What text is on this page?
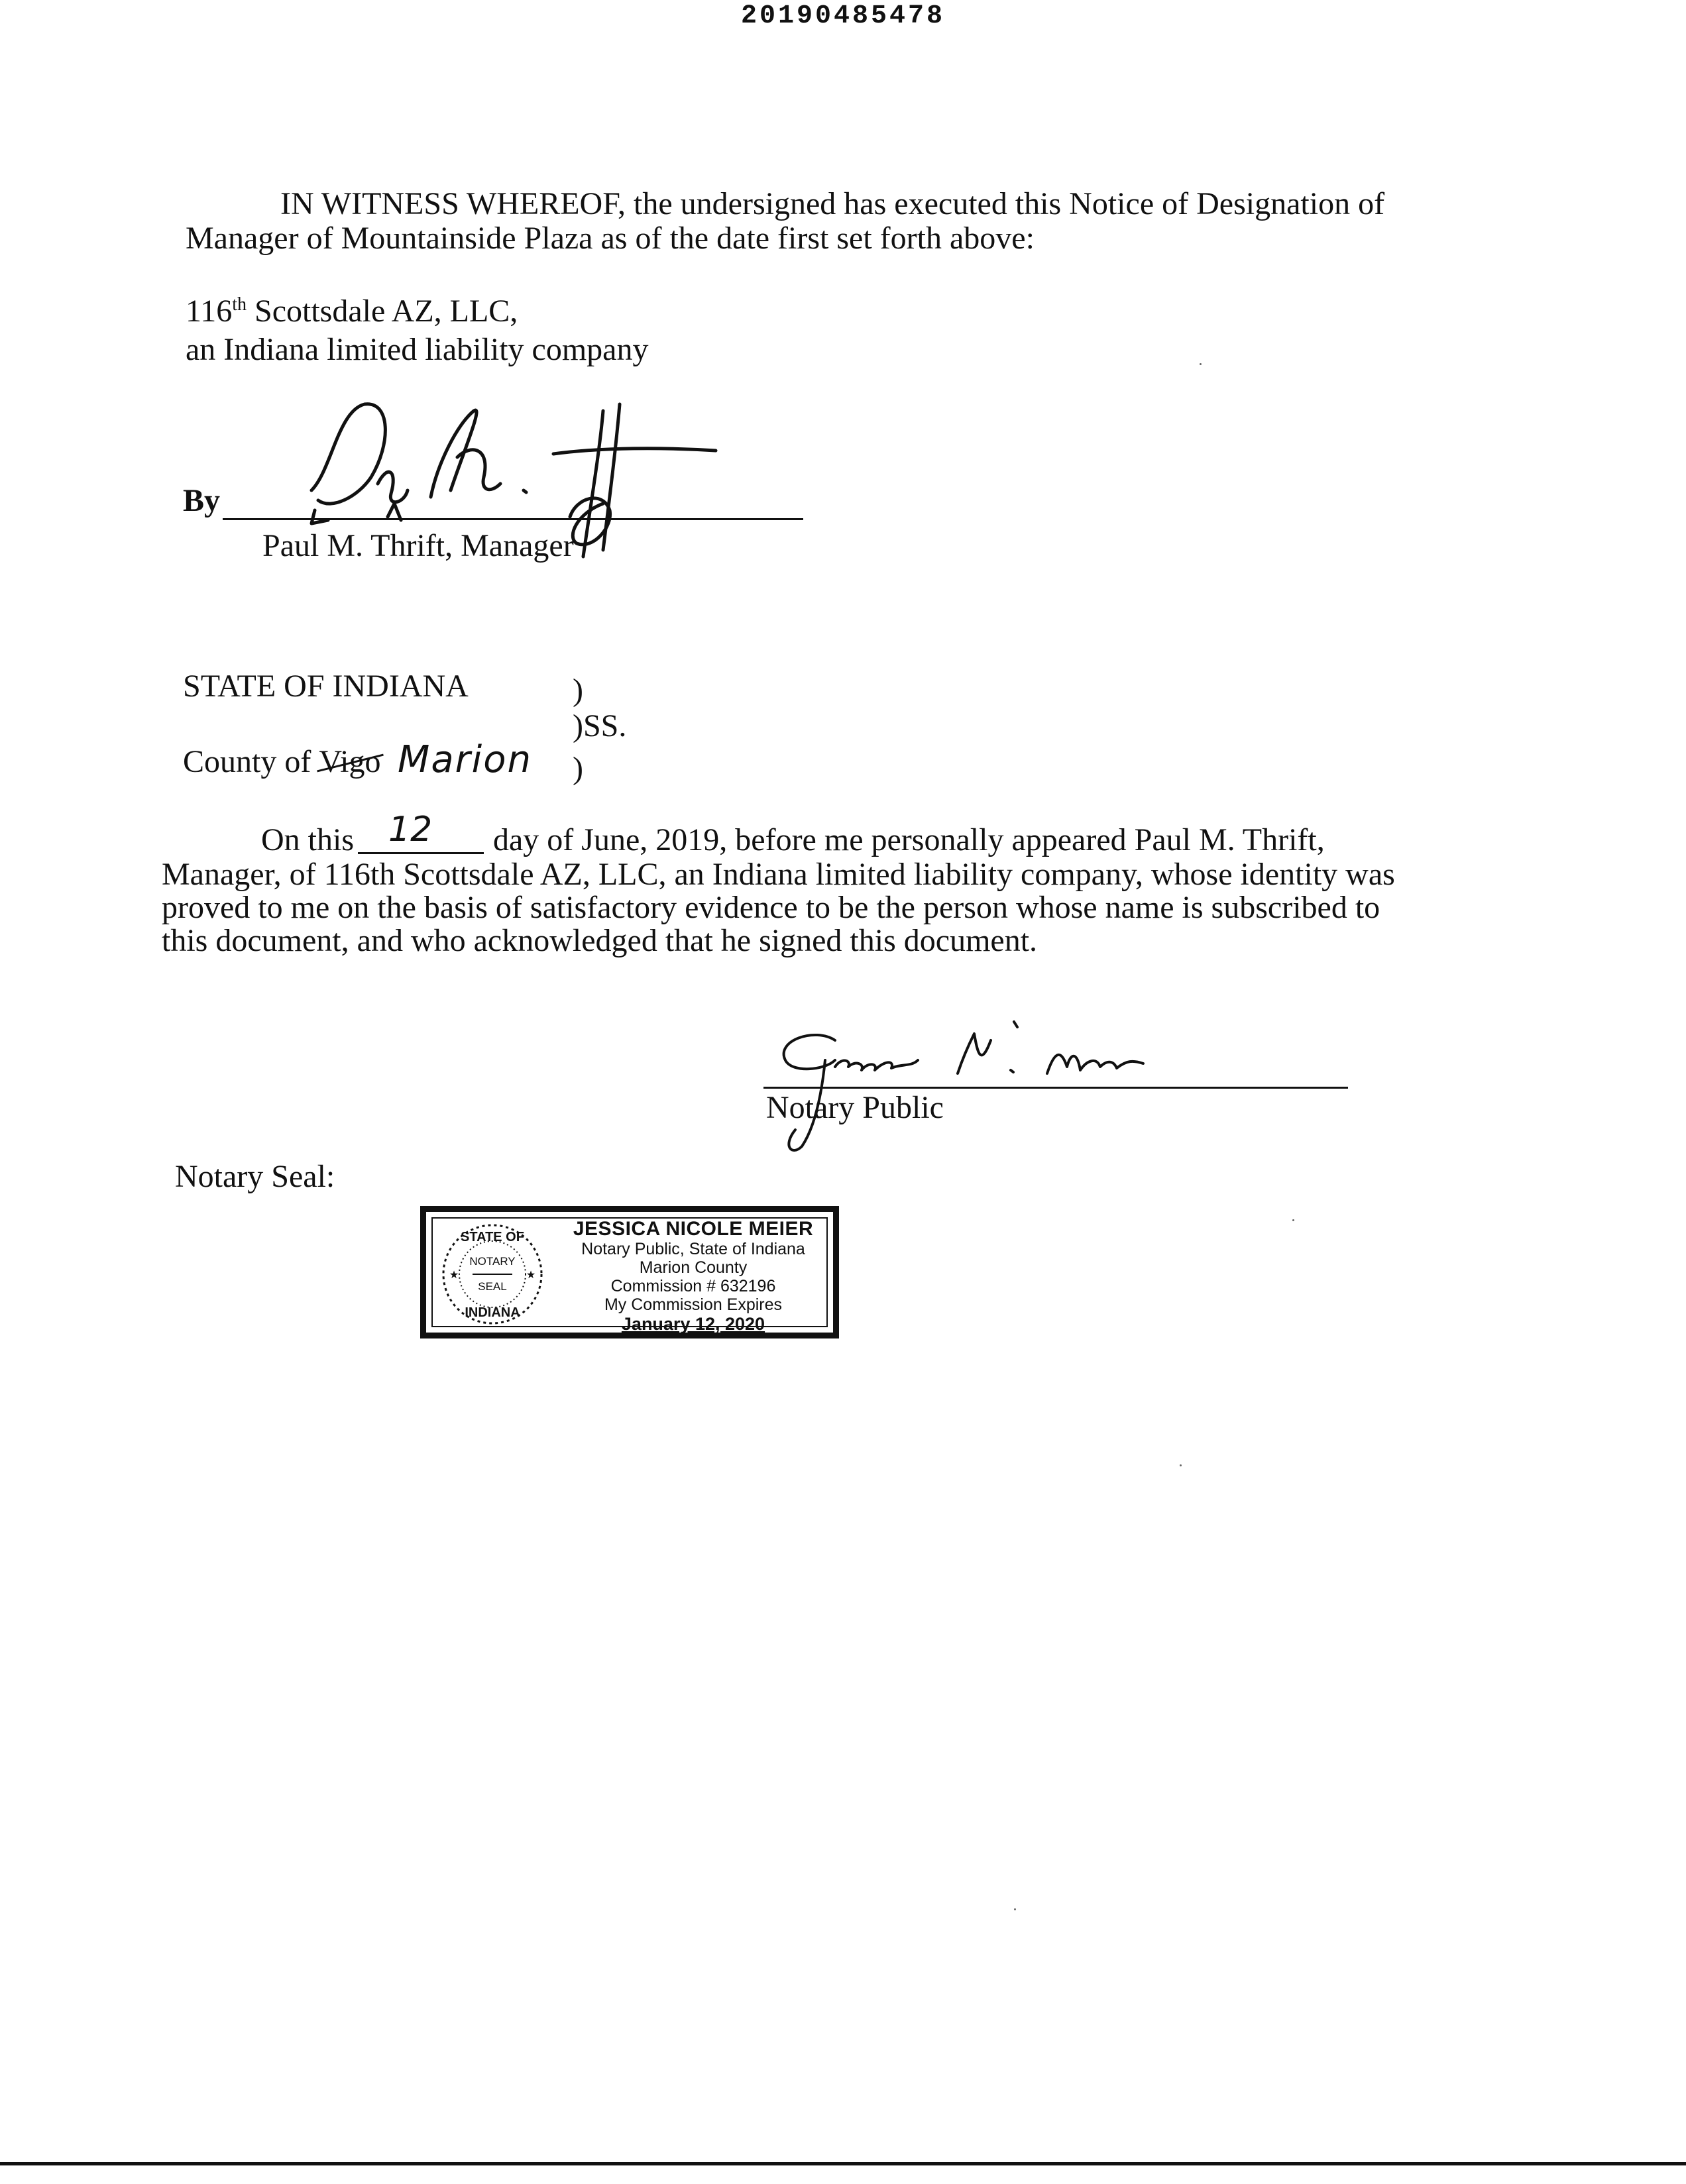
20190485478
IN WITNESS WHEREOF, the undersigned has executed this Notice of Designation of
Manager of Mountainside Plaza as of the date first set forth above:
116th Scottsdale AZ, LLC,
an Indiana limited liability company
By
Paul M. Thrift, Manager
STATE OF INDIANA	)
)SS.
County of Vigo Marion )
On this 12 day of June, 2019, before me personally appeared Paul M. Thrift,
Manager, of 116th Scottsdale AZ, LLC, an Indiana limited liability company, whose identity was
proved to me on the basis of satisfactory evidence to be the person whose name is subscribed to
this document, and who acknowledged that he signed this document.
Notary Public
Notary Seal:
STATE OF
NOTARY
SEAL
INDIANA
★	★
JESSICA NICOLE MEIER
Notary Public, State of Indiana
Marion County
Commission # 632196
My Commission Expires
January 12, 2020
